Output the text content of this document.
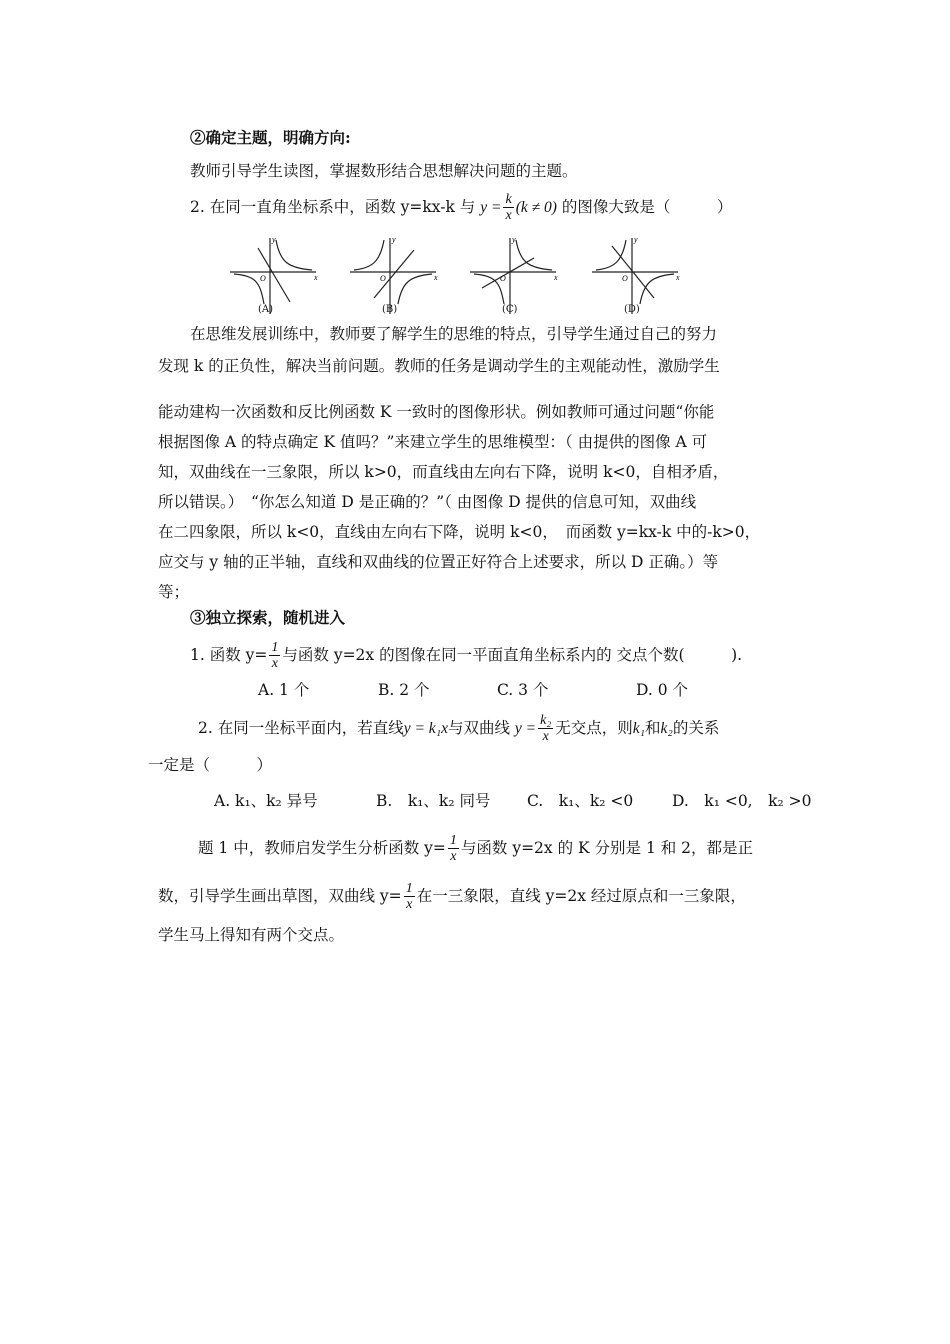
②确定主题，明确方向:
教师引导学生读图，掌握数形结合思想解决问题的主题。
2. 在同一直角坐标系中，函数 y=kx-k 与 $y = \frac{k}{x} (k \ne 0)$ 的图像大致是（　　　）
y
x
O
(A)
y
x
O
(B)
y
x
O
(C)
y
x
O
(D)
在思维发展训练中，教师要了解学生的思维的特点，引导学生通过自己的努力
发现 k 的正负性，解决当前问题。教师的任务是调动学生的主观能动性，激励学生
能动建构一次函数和反比例函数 K 一致时的图像形状。例如教师可通过问题“你能
根据图像 A 的特点确定 K 值吗？”来建立学生的思维模型：（ 由提供的图像 A 可
知，双曲线在一三象限，所以 k>0，而直线由左向右下降，说明 k<0，自相矛盾，
所以错误。）　“你怎么知道 D 是正确的？”（ 由图像 D 提供的信息可知，双曲线
在二四象限，所以 k<0，直线由左向右下降，说明 k<0，　而函数 y=kx-k 中的-k>0，
应交与 y 轴的正半轴，直线和双曲线的位置正好符合上述要求，所以 D 正确。）等
等；
③独立探索，随机进入
1. 函数 $y= \frac{1}{x}$ 与函数 y=2x 的图像在同一平面直角坐标系内的 交点个数(　　　).
A. 1 个	B. 2 个	C. 3 个	D. 0 个
2. 在同一坐标平面内，若直线y = k₁x与双曲线 $y = \frac{\text{k₂}}{x}$ 无交点，则k₁和k₂的关系
一定是（　　　）
A. k₁、k₂ 异号	B.　k₁、k₂ 同号 C.　k₁、k₂ <0	D.　k₁ <0,　k₂ >0
题 1 中，教师启发学生分析函数 $y= \frac{1}{x}$ 与函数 y=2x 的 K 分别是 1 和 2，都是正
数，引导学生画出草图，双曲线 $y= \frac{1}{x}$ 在一三象限，直线 y=2x 经过原点和一三象限，
学生马上得知有两个交点。
